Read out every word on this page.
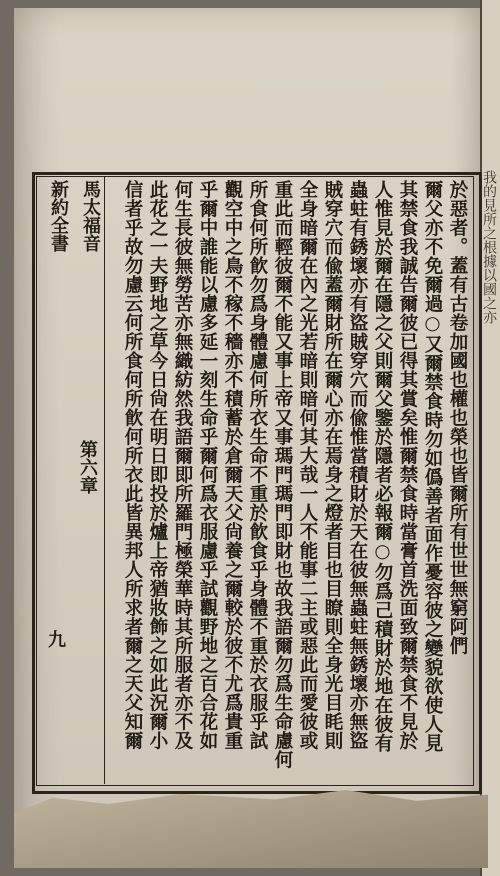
我的見所之根據以國之亦
新約全書 馬太福音
第六章
九	於惡者。蓋有古卷加國也權也榮也皆爾所有世世無窮阿們
爾父亦不免爾過○又爾禁食時勿如僞善者面作憂容彼之變貌欲使人見
其禁食我誠告爾彼已得其賞矣惟爾禁食時當膏首洗面致爾禁食不見於
人惟見於爾在隱之父則爾父鑒於隱者必報爾○勿爲己積財於地在彼有
蟲蛀有銹壞亦有盜賊穿穴而偸惟當積財於天在彼無蟲蛀無銹壞亦無盜
賊穿穴而偸蓋爾財所在爾心亦在焉身之燈者目也目瞭則全身光目眊則
全身暗爾在內之光若暗則暗何其大哉一人不能事二主或惡此而愛彼或
重此而輕彼爾不能又事上帝又事瑪門瑪門即財也故我語爾勿爲生命慮何
所食何所飮勿爲身體慮何所衣生命不重於飮食乎身體不重於衣服乎試
觀空中之鳥不稼不穡亦不積蓄於倉爾天父尙養之爾較於彼不尤爲貴重
乎爾中誰能以慮多延一刻生命乎爾何爲衣服慮乎試觀野地之百合花如
何生長彼無勞苦亦無織紡然我語爾即所羅門極榮華時其所服者亦不及
此花之一夫野地之草今日尙在明日即投於爐上帝猶妝飾之如此況爾小
信者乎故勿慮云何所食何所飮何所衣此皆異邦人所求者爾之天父知爾
